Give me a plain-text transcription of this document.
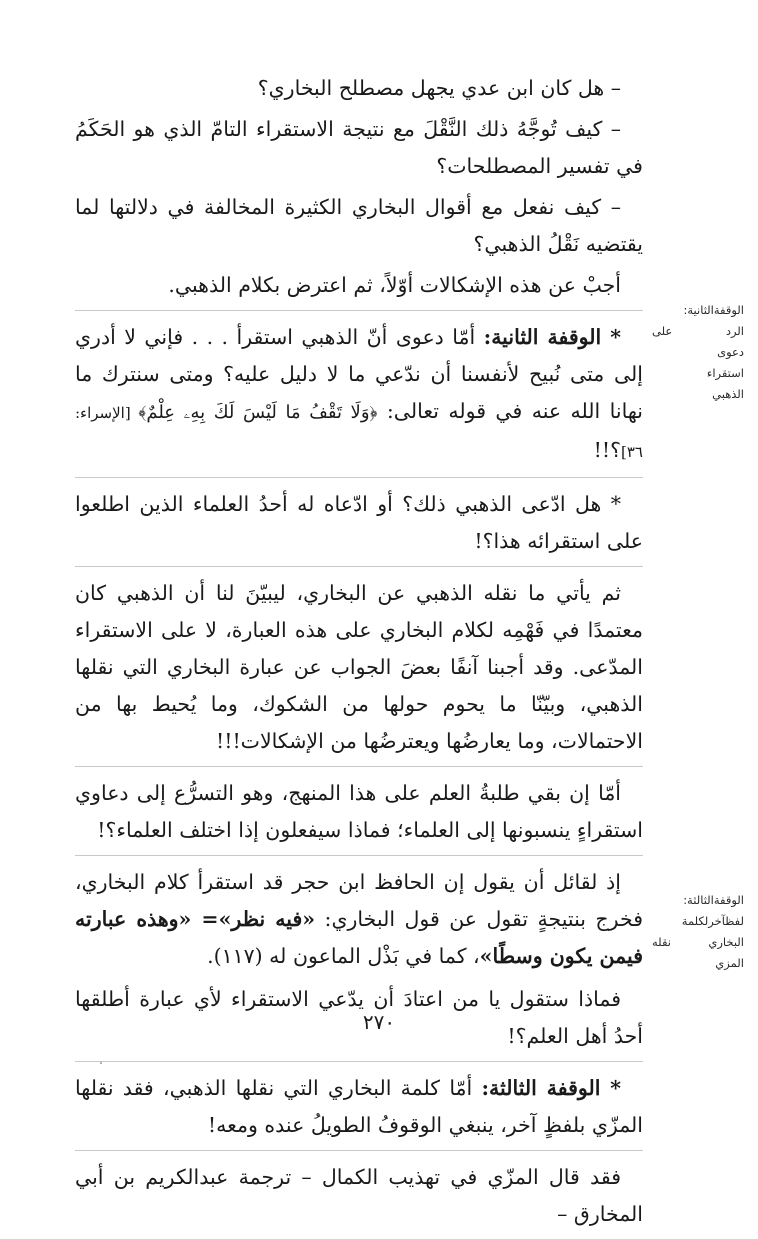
– هل كان ابن عدي يجهل مصطلح البخاري؟

– كيف تُوجَّهُ ذلك النَّقْلَ مع نتيجة الاستقراء التامّ الذي هو الحَكَمُ في تفسير المصطلحات؟

– كيف نفعل مع أقوال البخاري الكثيرة المخالفة في دلالتها لما يقتضيه نَقْلُ الذهبي؟

أجبْ عن هذه الإشكالات أوّلاً، ثم اعترض بكلام الذهبي.

* الوقفة الثانية: أمّا دعوى أنّ الذهبي استقرأ . . . فإني لا أدري إلى متى نُبيح لأنفسنا أن ندّعي ما لا دليل عليه؟ ومتى سنترك ما نهانا الله عنه في قوله تعالى: ﴿وَلَا تَقْفُ مَا لَيْسَ لَكَ بِهِۦ عِلْمٌ﴾ [الإسراء: ٣٦]؟!!

* هل ادّعى الذهبي ذلك؟ أو ادّعاه له أحدُ العلماء الذين اطلعوا على استقرائه هذا؟!

ثم يأتي ما نقله الذهبي عن البخاري، ليبيّنَ لنا أن الذهبي كان معتمدًا في فَهْمِه لكلام البخاري على هذه العبارة، لا على الاستقراء المدّعى. وقد أجبنا آنفًا بعضَ الجواب عن عبارة البخاري التي نقلها الذهبي، وبيّنّا ما يحوم حولها من الشكوك، وما يُحيط بها من الاحتمالات، وما يعارضُها ويعترضُها من الإشكالات!!!

أمّا إن بقي طلبةُ العلم على هذا المنهج، وهو التسرُّع إلى دعاوي استقراءٍ ينسبونها إلى العلماء؛ فماذا سيفعلون إذا اختلف العلماء؟!

إذ لقائل أن يقول إن الحافظ ابن حجر قد استقرأ كلام البخاري، فخرج بنتيجةٍ تقول عن قول البخاري: «فيه نظر»= «وهذه عبارته فيمن يكون وسطًا»، كما في بَذْل الماعون له (١١٧).

فماذا ستقول يا من اعتادَ أن يدّعي الاستقراء لأي عبارة أطلقها أحدُ أهل العلم؟!

* الوقفة الثالثة: أمّا كلمة البخاري التي نقلها الذهبي، فقد نقلها المزّي بلفظٍ آخر، ينبغي الوقوفُ الطويلُ عنده ومعه!

فقد قال المزّي في تهذيب الكمال – ترجمة عبدالكريم بن أبي المخارق –

الوقفةالثانية:
الرد على
دعوى
استقراء
الذهبي
الوقفةالثالثة:
لفظآخرلكلمة
البخاري نقله
المزي
٢٧٠
